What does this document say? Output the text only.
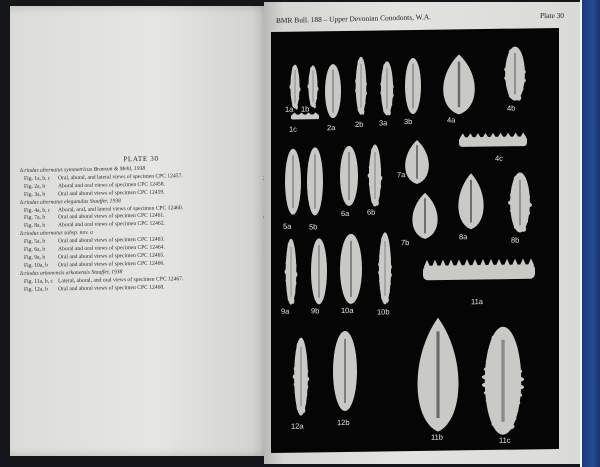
PLATE 30
Icriodus alternatus symmetricus Branson & Mehl, 1938
Fig. 1a, b, c Oral, aboral, and lateral views of specimen CPC 12457.
Fig. 2a, b Aboral and oral views of specimen CPC 12458.
Fig. 3a, b Oral and aboral views of specimen CPC 12459.
Icriodus alternatus eleganulus Stauffer, 1938
Fig. 4a, b, c Aboral, oral, and lateral views of specimen CPC 12460.
Fig. 7a, b Oral and aboral views of specimen CPC 12461.
Fig. 8a, b Aboral and oral views of specimen CPC 12462.
Icriodus alternatus subsp. nov. a
Fig. 5a, b Oral and aboral views of specimen CPC 12463.
Fig. 6a, b Aboral and oral views of specimen CPC 12464.
Fig. 9a, b Oral and aboral views of specimen CPC 12465.
Fig. 10a, b Oral and aboral views of specimen CPC 12466.
Icriodus arkonensis arkonensis Stauffer, 1938
Fig. 11a, b, c Lateral, aboral, and oral views of specimen CPC 12467.
Fig. 12a, b Oral and aboral views of specimen CPC 12468.
BMR Bull. 188 – Upper Devonian Conodonts, W.A.	Plate 30
1a 1b
1c	2a	2b 3a 3b	4a
4b
4c
5a 5b
6a 6b
7a
7b
8a	8b
9a	9b	10a	10b
11a
12a	12b
11b	11c
